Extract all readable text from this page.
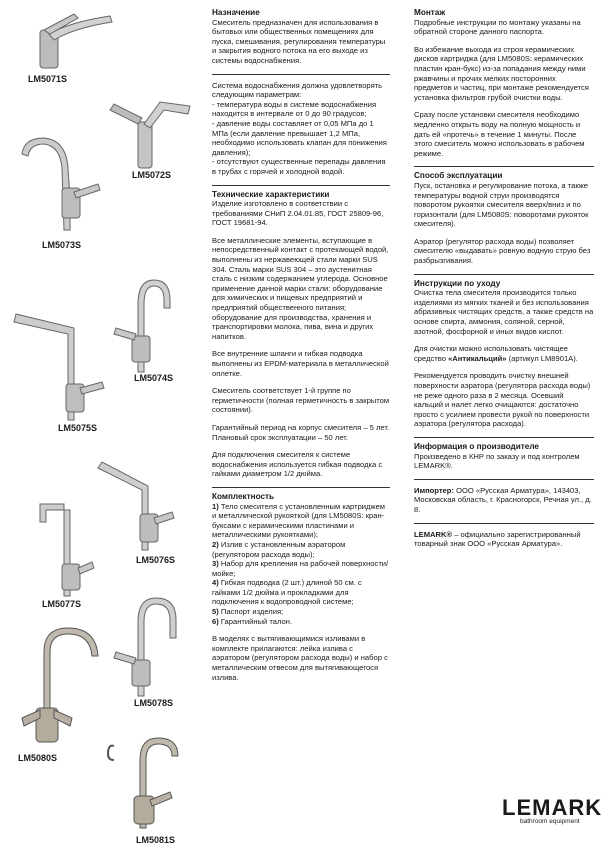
LM5071S
LM5072S
LM5073S
LM5074S
LM5075S
LM5076S
LM5077S
LM5078S
LM5080S
LM5081S
Назначение

Смеситель предназначен для использования в бытовых или общественных помещениях для пуска, смешивания, регулирования температуры и закрытия водного потока на его выходе из системы водоснабжения.

Система водоснабжения должна удовлетворять следующим параметрам:
- температура воды в системе водоснабжения находится в интервале от 0 до 90 градусов;
- давление воды составляет от 0,05 МПа до 1 МПа (если давление превышает 1,2 МПа, необходимо использовать клапан для понижения давления);
- отсутствуют существенные перепады давления в трубах с горячей и холодной водой.

Технические характеристики

Изделие изготовлено в соответствии с требованиями СНиП 2.04.01.85, ГОСТ 25809-96, ГОСТ 19681-94.

Все металлические элементы, вступающие в непосредственный контакт с протекающей водой, выполнены из нержавеющей стали марки SUS 304. Сталь марки SUS 304 – это аустенитная сталь с низким содержанием углерода. Основное применение данной марки стали: оборудование для химических и пищевых предприятий и предприятий общественного питания; оборудование для производства, хранения и транспортировки молока, пива, вина и других напитков.

Все внутренние шланги и гибкая подводка выполнены из EPDM-материала в металлической оплетке.

Смеситель соответствует 1-й группе по герметичности (полная герметичность в закрытом состоянии).

Гарантийный период на корпус смесителя – 5 лет.
Плановый срок эксплуатации – 50 лет.

Для подключения смесителя к системе водоснабжения используется гибкая подводка с гайками диаметром 1/2 дюйма.

Комплектность

1) Тело смесителя с установленным картриджем и металлической рукояткой (для LM5080S: кран-буксами с керамическими пластинами и металлическими рукоятками);
2) Излив с установленным аэратором (регулятором расхода воды);
3) Набор для крепления на рабочей поверхности/мойке;
4) Гибкая подводка (2 шт.) длиной 50 см. с гайками 1/2 дюйма и прокладками для подключения к водопроводной системе;
5) Паспорт изделия;
6) Гарантийный талон.

В моделях с вытягивающимися изливами в комплекте прилагаются: лейка излива с аэратором (регулятором расхода воды) и набор с металлическим отвесом для вытягивающегося излива.

Монтаж

Подробные инструкции по монтажу указаны на обратной стороне данного паспорта.

Во избежание выхода из строя керамических дисков картриджа (для LM5080S: керамических пластин кран-букс) из-за попадания между ними ржавчины и прочих мелких посторонних предметов и частиц, при монтаже рекомендуется установка фильтров грубой очистки воды.

Сразу после установки смесителя необходимо медленно открыть воду на полную мощность и дать ей «протечь» в течение 1 минуты. После этого смеситель можно использовать в рабочем режиме.

Способ эксплуатации

Пуск, остановка и регулирование потока, а также температуры водной струи производятся поворотом рукоятки смесителя вверх/вниз и по горизонтали (для LM5080S: поворотами рукояток смесителя).

Аэратор (регулятор расхода воды) позволяет смесителю «выдавать» ровную водную струю без разбрызгивания.

Инструкции по уходу

Очистка тела смесителя производится только изделиями из мягких тканей и без использования абразивных чистящих средств, а также средств на основе спирта, аммония, соляной, серной, азотной, фосфорной и иных видов кислот.

Для очистки можно использовать чистящее средство «Антикальций» (артикул LM8901A).

Рекомендуется проводить очистку внешней поверхности аэратора (регулятора расхода воды) не реже одного раза в 2 месяца. Осевший кальций и налет легко очищаются: достаточно просто с усилием провести рукой по поверхности аэратора (регулятора расхода).

Информация о производителе

Произведено в КНР по заказу и под контролем LEMARK®.

Импортер: ООО «Русская Арматура», 143403, Московская область, г. Красногорск, Речная ул., д. 8.

LEMARK® – официально зарегистрированный товарный знак ООО «Русская Арматура».

LEMARK
bathroom equipment
